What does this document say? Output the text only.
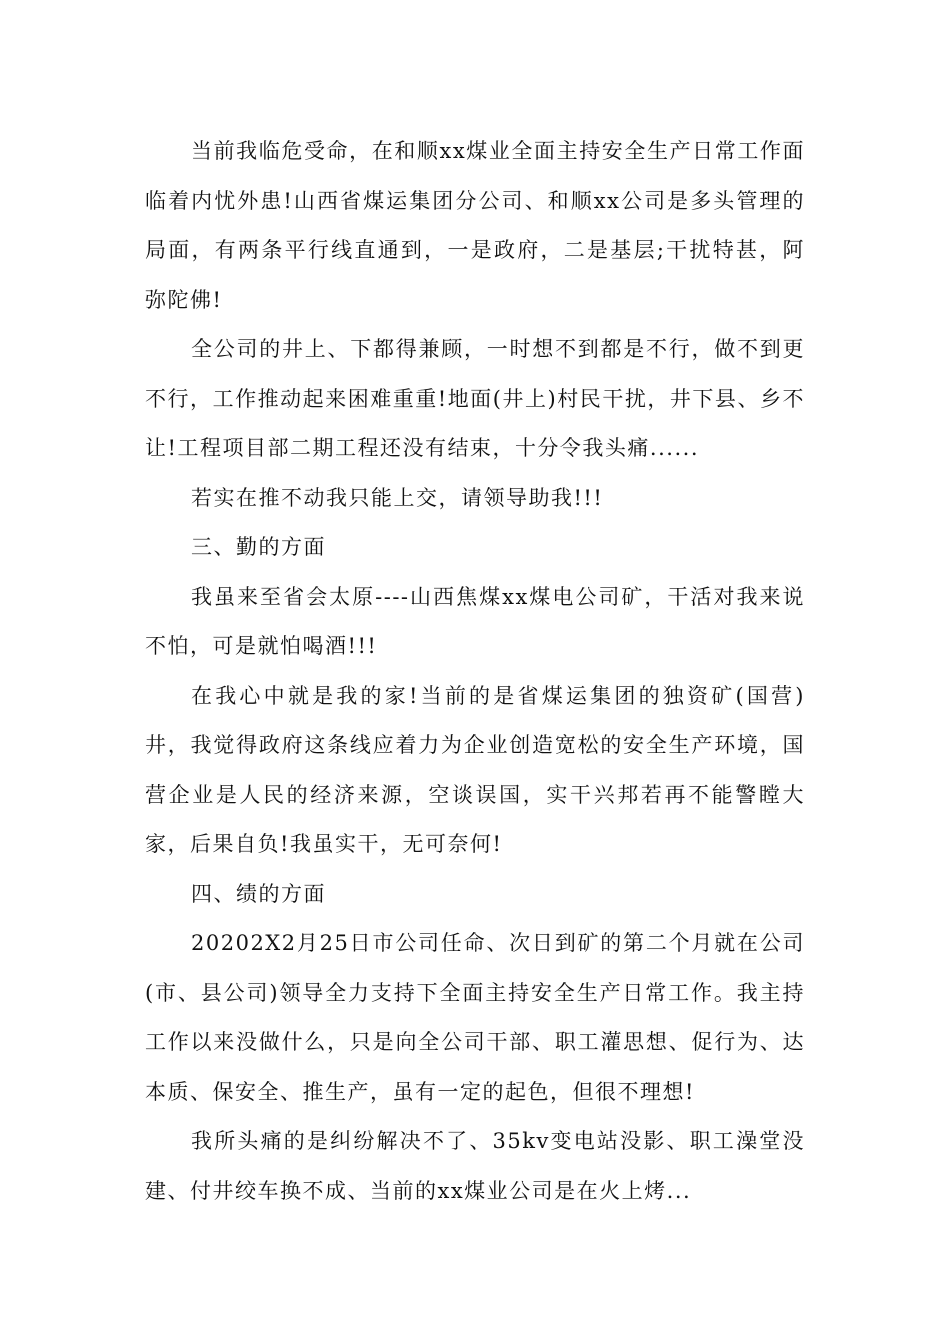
当前我临危受命，在和顺xx煤业全面主持安全生产日常工作面临着内忧外患!山西省煤运集团分公司、和顺xx公司是多头管理的局面，有两条平行线直通到，一是政府，二是基层;干扰特甚，阿弥陀佛!

全公司的井上、下都得兼顾，一时想不到都是不行，做不到更不行，工作推动起来困难重重!地面(井上)村民干扰，井下县、乡不让!工程项目部二期工程还没有结束，十分令我头痛......

若实在推不动我只能上交，请领导助我!!!

三、勤的方面

我虽来至省会太原----山西焦煤xx煤电公司矿，干活对我来说不怕，可是就怕喝酒!!!

在我心中就是我的家!当前的是省煤运集团的独资矿(国营)井，我觉得政府这条线应着力为企业创造宽松的安全生产环境，国营企业是人民的经济来源，空谈误国，实干兴邦若再不能警瞠大家，后果自负!我虽实干，无可奈何!

四、绩的方面

20202X2月25日市公司任命、次日到矿的第二个月就在公司(市、县公司)领导全力支持下全面主持安全生产日常工作。我主持工作以来没做什么，只是向全公司干部、职工灌思想、促行为、达本质、保安全、推生产，虽有一定的起色，但很不理想!

我所头痛的是纠纷解决不了、35kv变电站没影、职工澡堂没建、付井绞车换不成、当前的xx煤业公司是在火上烤...
